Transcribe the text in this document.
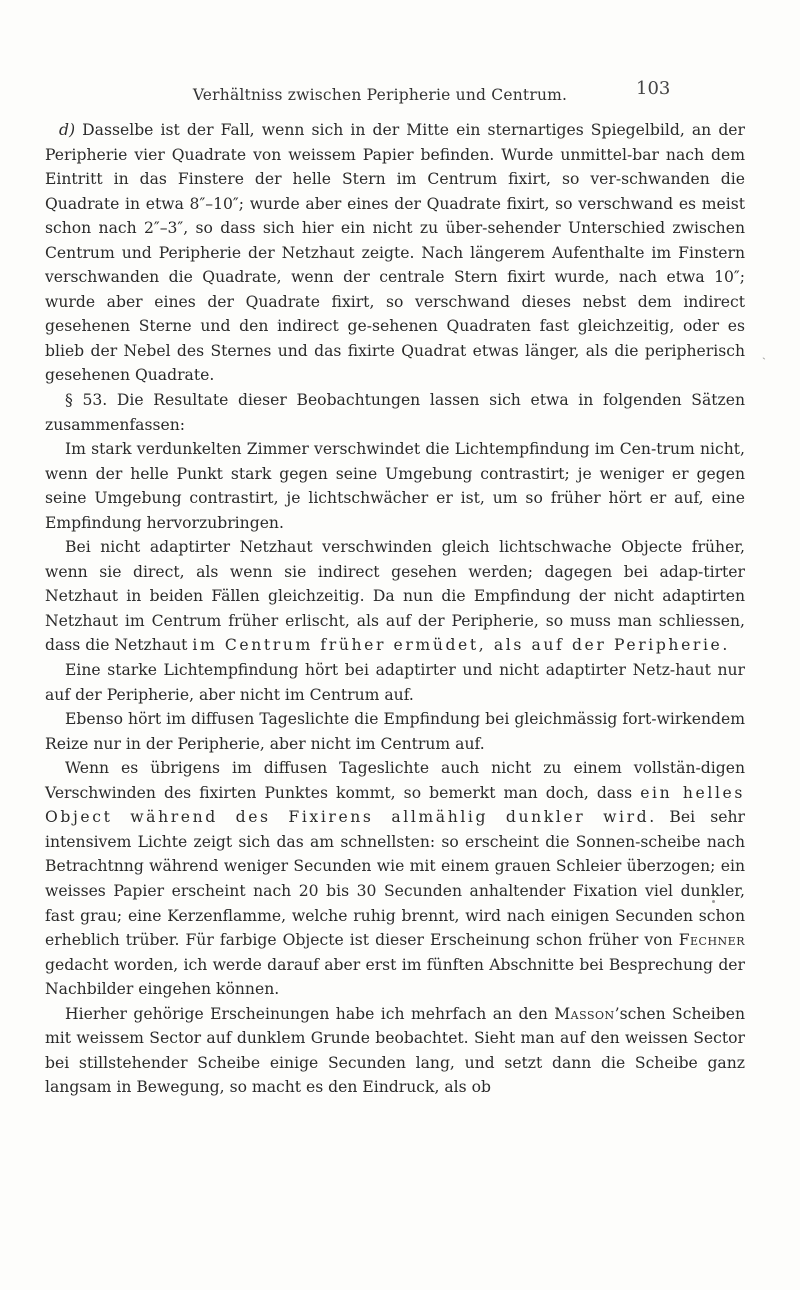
Verhältniss zwischen Peripherie und Centrum.	103
ˎ

d) Dasselbe ist der Fall, wenn sich in der Mitte ein sternartiges Spiegelbild, an der Peripherie vier Quadrate von weissem Papier befinden. Wurde unmittel-bar nach dem Eintritt in das Finstere der helle Stern im Centrum fixirt, so ver-schwanden die Quadrate in etwa 8″–10″; wurde aber eines der Quadrate fixirt, so verschwand es meist schon nach 2″–3″, so dass sich hier ein nicht zu über-sehender Unterschied zwischen Centrum und Peripherie der Netzhaut zeigte. Nach längerem Aufenthalte im Finstern verschwanden die Quadrate, wenn der centrale Stern fixirt wurde, nach etwa 10″; wurde aber eines der Quadrate fixirt, so verschwand dieses nebst dem indirect gesehenen Sterne und den indirect ge-sehenen Quadraten fast gleichzeitig, oder es blieb der Nebel des Sternes und das fixirte Quadrat etwas länger, als die peripherisch gesehenen Quadrate.

§ 53. Die Resultate dieser Beobachtungen lassen sich etwa in folgenden Sätzen zusammenfassen:

Im stark verdunkelten Zimmer verschwindet die Lichtempfindung im Cen-trum nicht, wenn der helle Punkt stark gegen seine Umgebung contrastirt; je weniger er gegen seine Umgebung contrastirt, je lichtschwächer er ist, um so früher hört er auf, eine Empfindung hervorzubringen.

Bei nicht adaptirter Netzhaut verschwinden gleich lichtschwache Objecte früher, wenn sie direct, als wenn sie indirect gesehen werden; dagegen bei adap-tirter Netzhaut in beiden Fällen gleichzeitig. Da nun die Empfindung der nicht adaptirten Netzhaut im Centrum früher erlischt, als auf der Peripherie, so muss man schliessen, dass die Netzhaut im Centrum früher ermüdet, als auf der Peripherie.

Eine starke Lichtempfindung hört bei adaptirter und nicht adaptirter Netz-haut nur auf der Peripherie, aber nicht im Centrum auf.

Ebenso hört im diffusen Tageslichte die Empfindung bei gleichmässig fort-wirkendem Reize nur in der Peripherie, aber nicht im Centrum auf.

Wenn es übrigens im diffusen Tageslichte auch nicht zu einem vollstän-digen Verschwinden des fixirten Punktes kommt, so bemerkt man doch, dass ein helles Object während des Fixirens allmählig dunkler wird. Bei sehr intensivem Lichte zeigt sich das am schnellsten: so erscheint die Sonnen-scheibe nach Betrachtnng während weniger Secunden wie mit einem grauen Schleier überzogen; ein weisses Papier erscheint nach 20 bis 30 Secunden anhaltender Fixation viel dunkler, fast grau; eine Kerzenflamme, welche ruhig brennt, wird nach einigen Secunden schon erheblich trüber. Für farbige Objecte ist dieser Erscheinung schon früher von Fechner gedacht worden, ich werde darauf aber erst im fünften Abschnitte bei Besprechung der Nachbilder eingehen können.

Hierher gehörige Erscheinungen habe ich mehrfach an den Masson’schen Scheiben mit weissem Sector auf dunklem Grunde beobachtet. Sieht man auf den weissen Sector bei stillstehender Scheibe einige Secunden lang, und setzt dann die Scheibe ganz langsam in Bewegung, so macht es den Eindruck, als ob
